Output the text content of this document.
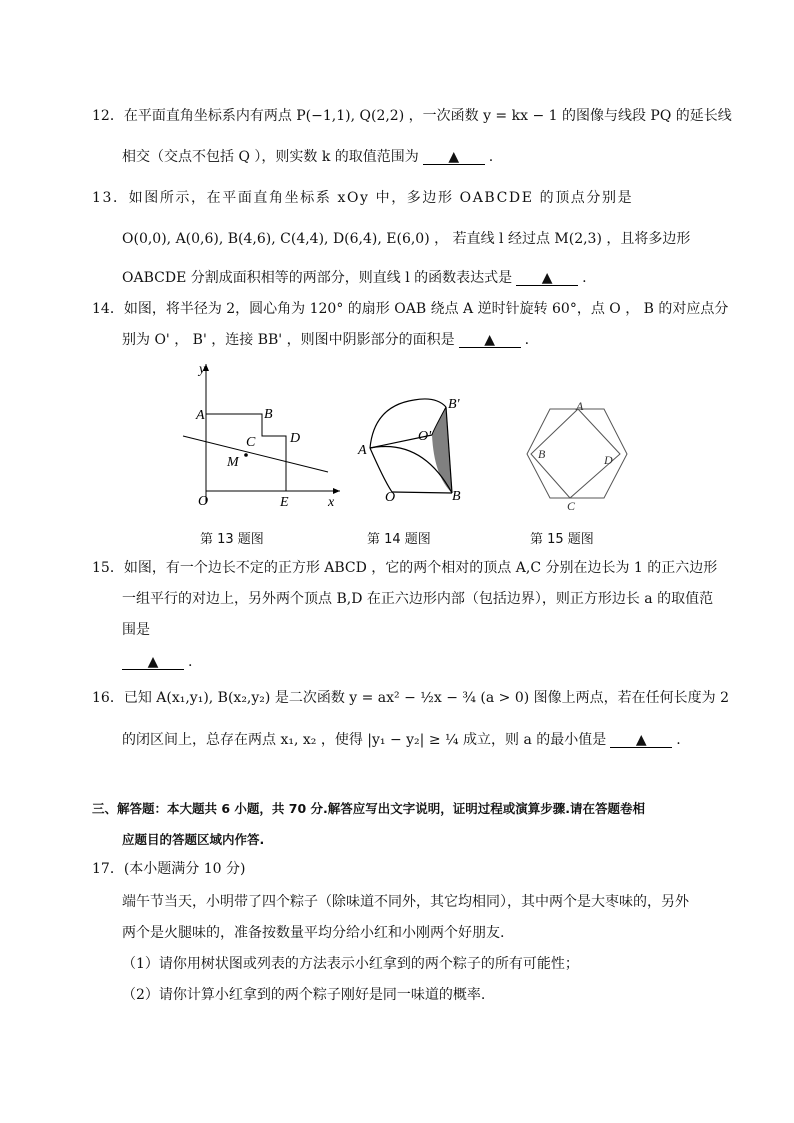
12．在平面直角坐标系内有两点 P(−1,1), Q(2,2) ，一次函数 y = kx − 1 的图像与线段 PQ 的延长线
相交（交点不包括 Q ），则实数 k 的取值范围为 ▲ .
13．如图所示，在平面直角坐标系 xOy 中，多边形 OABCDE 的顶点分别是
O(0,0), A(0,6), B(4,6), C(4,4), D(6,4), E(6,0) ， 若直线 l 经过点 M(2,3) ，且将多边形
OABCDE 分割成面积相等的两部分，则直线 l 的函数表达式是 ▲ .
14．如图，将半径为 2，圆心角为 120° 的扇形 OAB 绕点 A 逆时针旋转 60°，点 O ， B 的对应点分
别为 O' ， B' ，连接 BB' ，则图中阴影部分的面积是 ▲ .
y
x
O
A	B
C D
E
M
A
O	B
B'
O'
A
B
C
D
第 13 题图	第 14 题图	第 15 题图
15．如图，有一个边长不定的正方形 ABCD ，它的两个相对的顶点 A,C 分别在边长为 1 的正六边形
一组平行的对边上，另外两个顶点 B,D 在正六边形内部（包括边界），则正方形边长 a 的取值范
围是
▲ .
16．已知 A(x₁,y₁), B(x₂,y₂) 是二次函数 y = ax² − ½x − ¾ (a > 0) 图像上两点，若在任何长度为 2
的闭区间上，总存在两点 x₁, x₂ ，使得 |y₁ − y₂| ≥ ¼ 成立，则 a 的最小值是 ▲ .
三、解答题：本大题共 6 小题，共 70 分.解答应写出文字说明，证明过程或演算步骤.请在答题卷相
应题目的答题区域内作答.
17．(本小题满分 10 分)
端午节当天，小明带了四个粽子（除味道不同外，其它均相同），其中两个是大枣味的，另外
两个是火腿味的，准备按数量平均分给小红和小刚两个好朋友.
（1）请你用树状图或列表的方法表示小红拿到的两个粽子的所有可能性；
（2）请你计算小红拿到的两个粽子刚好是同一味道的概率.
